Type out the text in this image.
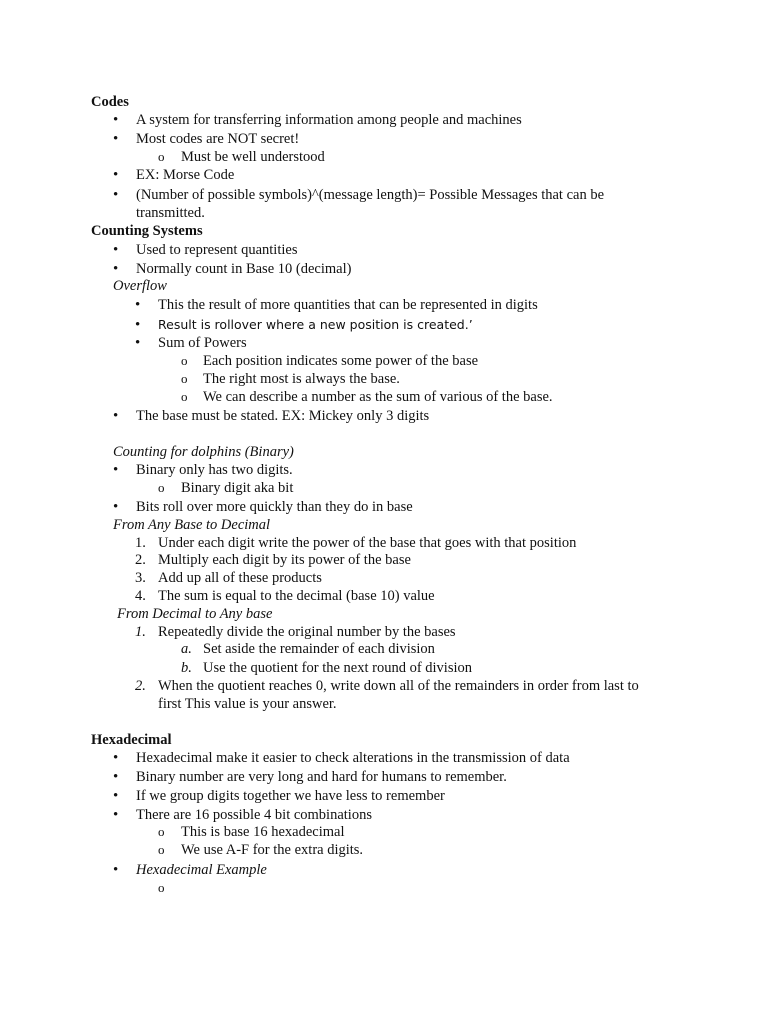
Codes
• A system for transferring information among people and machines
• Most codes are NOT secret!
o Must be well understood
• EX: Morse Code
• (Number of possible symbols)^(message length)= Possible Messages that can be
transmitted.
Counting Systems
• Used to represent quantities
• Normally count in Base 10 (decimal)
Overflow
• This the result of more quantities that can be represented in digits
• Result is rollover where a new position is created.’
• Sum of Powers
o Each position indicates some power of the base
o The right most is always the base.
o We can describe a number as the sum of various of the base.
• The base must be stated. EX: Mickey only 3 digits
Counting for dolphins (Binary)
• Binary only has two digits.
o Binary digit aka bit
• Bits roll over more quickly than they do in base
From Any Base to Decimal
1. Under each digit write the power of the base that goes with that position
2. Multiply each digit by its power of the base
3. Add up all of these products
4. The sum is equal to the decimal (base 10) value
From Decimal to Any base
1. Repeatedly divide the original number by the bases
a. Set aside the remainder of each division
b. Use the quotient for the next round of division
2. When the quotient reaches 0, write down all of the remainders in order from last to
first This value is your answer.
Hexadecimal
• Hexadecimal make it easier to check alterations in the transmission of data
• Binary number are very long and hard for humans to remember.
• If we group digits together we have less to remember
• There are 16 possible 4 bit combinations
o This is base 16 hexadecimal
o We use A-F for the extra digits.
• Hexadecimal Example
o
